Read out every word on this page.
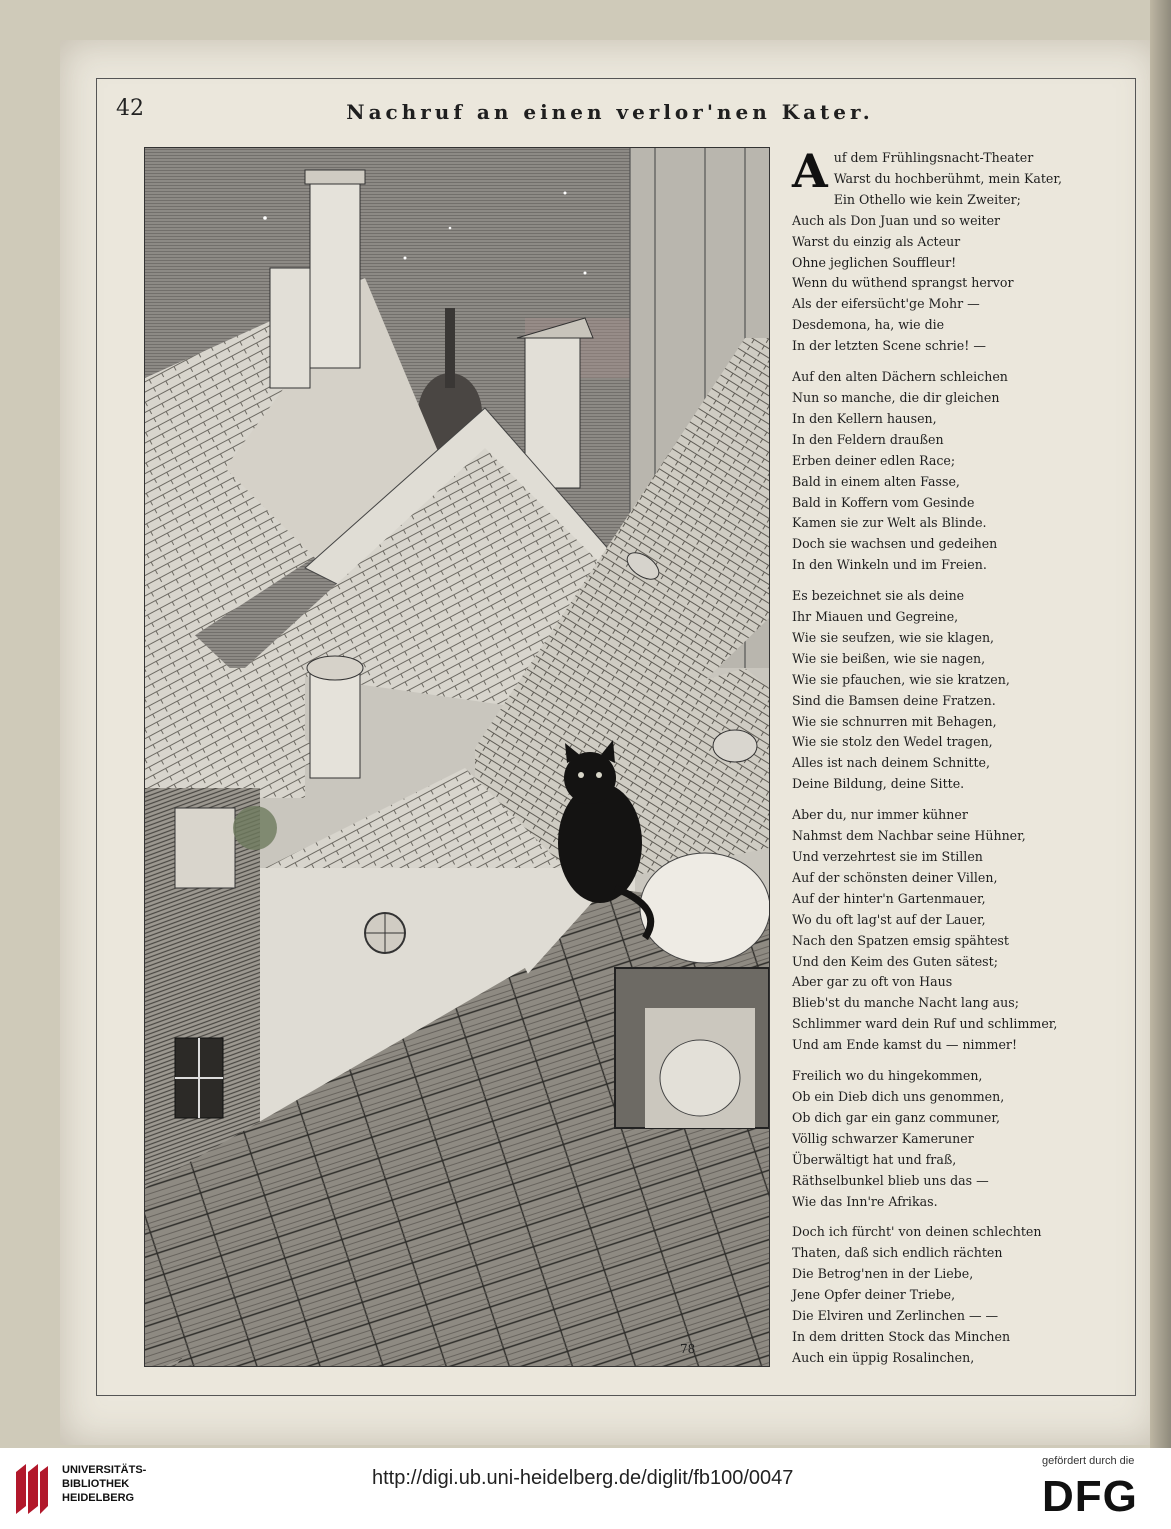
42	Nachruf an einen verlor'nen Kater.
78
A uf dem Frühlingsnacht-Theater
Warst du hochberühmt, mein Kater,
Ein Othello wie kein Zweiter;
Auch als Don Juan und so weiter
Warst du einzig als Acteur
Ohne jeglichen Souffleur!
Wenn du wüthend sprangst hervor
Als der eifersücht'ge Mohr —
Desdemona, ha, wie die
In der letzten Scene schrie! —
Auf den alten Dächern schleichen
Nun so manche, die dir gleichen
In den Kellern hausen,
In den Feldern draußen
Erben deiner edlen Race;
Bald in einem alten Fasse,
Bald in Koffern vom Gesinde
Kamen sie zur Welt als Blinde.
Doch sie wachsen und gedeihen
In den Winkeln und im Freien.
Es bezeichnet sie als deine
Ihr Miauen und Gegreine,
Wie sie seufzen, wie sie klagen,
Wie sie beißen, wie sie nagen,
Wie sie pfauchen, wie sie kratzen,
Sind die Bamsen deine Fratzen.
Wie sie schnurren mit Behagen,
Wie sie stolz den Wedel tragen,
Alles ist nach deinem Schnitte,
Deine Bildung, deine Sitte.
Aber du, nur immer kühner
Nahmst dem Nachbar seine Hühner,
Und verzehrtest sie im Stillen
Auf der schönsten deiner Villen,
Auf der hinter'n Gartenmauer,
Wo du oft lag'st auf der Lauer,
Nach den Spatzen emsig spähtest
Und den Keim des Guten sätest;
Aber gar zu oft von Haus
Blieb'st du manche Nacht lang aus;
Schlimmer ward dein Ruf und schlimmer,
Und am Ende kamst du — nimmer!
Freilich wo du hingekommen,
Ob ein Dieb dich uns genommen,
Ob dich gar ein ganz communer,
Völlig schwarzer Kameruner
Überwältigt hat und fraß,
Räthselbunkel blieb uns das —
Wie das Inn're Afrikas.
Doch ich fürcht' von deinen schlechten
Thaten, daß sich endlich rächten
Die Betrog'nen in der Liebe,
Jene Opfer deiner Triebe,
Die Elviren und Zerlinchen — —
In dem dritten Stock das Minchen
Auch ein üppig Rosalinchen,
UNIVERSITÄTS-
BIBLIOTHEK
HEIDELBERG
http://digi.ub.uni-heidelberg.de/diglit/fb100/0047
gefördert durch die
DFG
